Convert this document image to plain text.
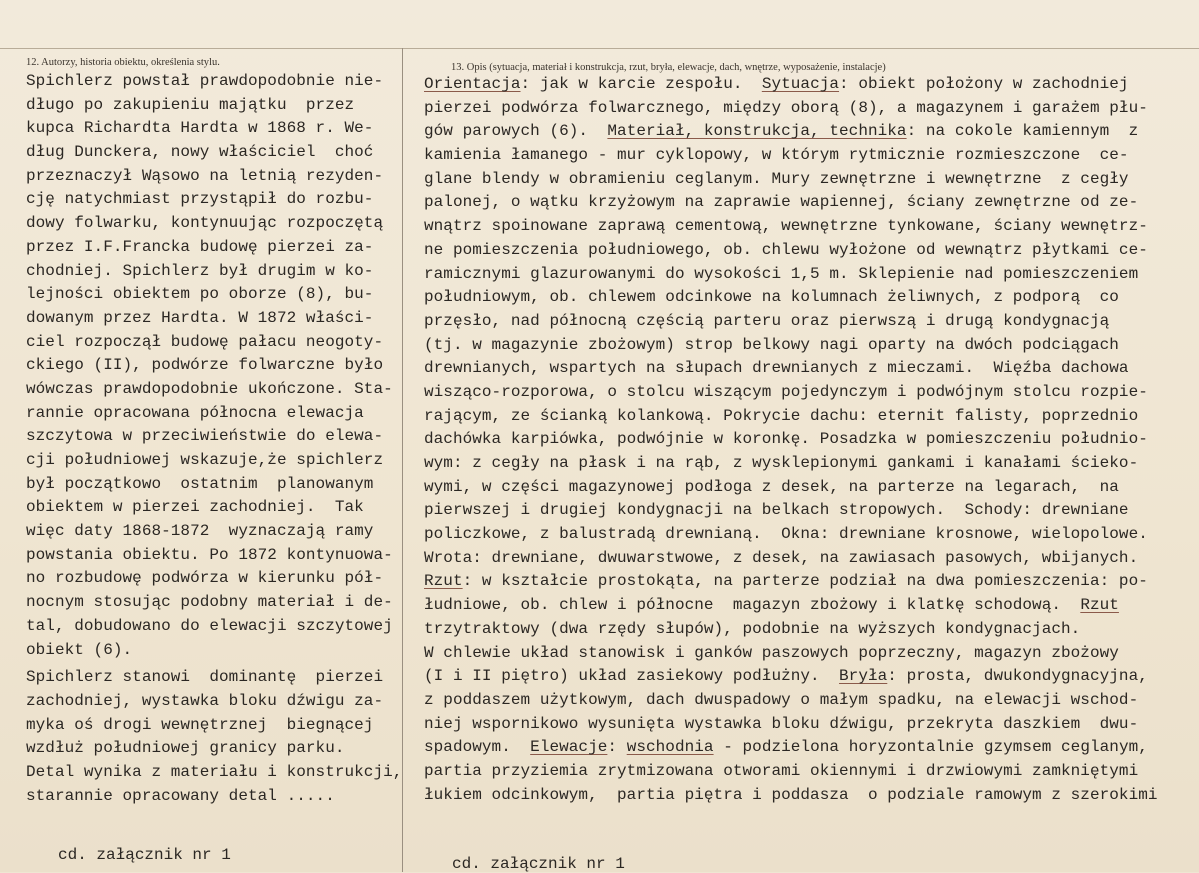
12. Autorzy, historia obiektu, określenia stylu.	13. Opis (sytuacja, materiał i konstrukcja, rzut, bryła, elewacje, dach, wnętrze, wyposażenie, instalacje)
Spichlerz powstał prawdopodobnie nie-
długo po zakupieniu majątku  przez
kupca Richardta Hardta w 1868 r. We-
dług Dunckera, nowy właściciel  choć
przeznaczył Wąsowo na letnią rezyden-
cję natychmiast przystąpił do rozbu-
dowy folwarku, kontynuując rozpoczętą
przez I.F.Francka budowę pierzei za-
chodniej. Spichlerz był drugim w ko-
lejności obiektem po oborze (8), bu-
dowanym przez Hardta. W 1872 właści-
ciel rozpoczął budowę pałacu neogoty-
ckiego (II), podwórze folwarczne było
wówczas prawdopodobnie ukończone. Sta-
rannie opracowana północna elewacja
szczytowa w przeciwieństwie do elewa-
cji południowej wskazuje,że spichlerz
był początkowo  ostatnim  planowanym
obiektem w pierzei zachodniej.  Tak
więc daty 1868-1872  wyznaczają ramy
powstania obiektu. Po 1872 kontynuowa-
no rozbudowę podwórza w kierunku pół-
nocnym stosując podobny materiał i de-
tal, dobudowano do elewacji szczytowej
obiekt (6).
Spichlerz stanowi  dominantę  pierzei
zachodniej, wystawka bloku dźwigu za-
myka oś drogi wewnętrznej  biegnącej
wzdłuż południowej granicy parku.
Detal wynika z materiału i konstrukcji,
starannie opracowany detal .....
Orientacja: jak w karcie zespołu.  Sytuacja: obiekt położony w zachodniej
pierzei podwórza folwarcznego, między oborą (8), a magazynem i garażem płu-
gów parowych (6).  Materiał, konstrukcja, technika: na cokole kamiennym  z
kamienia łamanego - mur cyklopowy, w którym rytmicznie rozmieszczone  ce-
glane blendy w obramieniu ceglanym. Mury zewnętrzne i wewnętrzne  z cegły
palonej, o wątku krzyżowym na zaprawie wapiennej, ściany zewnętrzne od ze-
wnątrz spoinowane zaprawą cementową, wewnętrzne tynkowane, ściany wewnętrz-
ne pomieszczenia południowego, ob. chlewu wyłożone od wewnątrz płytkami ce-
ramicznymi glazurowanymi do wysokości 1,5 m. Sklepienie nad pomieszczeniem
południowym, ob. chlewem odcinkowe na kolumnach żeliwnych, z podporą  co
przęsło, nad północną częścią parteru oraz pierwszą i drugą kondygnacją
(tj. w magazynie zbożowym) strop belkowy nagi oparty na dwóch podciągach
drewnianych, wspartych na słupach drewnianych z mieczami.  Więźba dachowa
wiszącо-rozporowa, o stolcu wiszącym pojedynczym i podwójnym stolcu rozpie-
rającym, ze ścianką kolankową. Pokrycie dachu: eternit falisty, poprzednio
dachówka karpiówka, podwójnie w koronkę. Posadzka w pomieszczeniu południo-
wym: z cegły na płask i na rąb, z wysklepionymi gankami i kanałami ścieko-
wymi, w części magazynowej podłoga z desek, na parterze na legarach,  na
pierwszej i drugiej kondygnacji na belkach stropowych.  Schody: drewniane
policzkowe, z balustradą drewnianą.  Okna: drewniane krosnowe, wielopolowe.
Wrota: drewniane, dwuwarstwowe, z desek, na zawiasach pasowych, wbijanych.
Rzut: w kształcie prostokąta, na parterze podział na dwa pomieszczenia: po-
łudniowe, ob. chlew i północne  magazyn zbożowy i klatkę schodową.  Rzut
trzytraktowy (dwa rzędy słupów), podobnie na wyższych kondygnacjach.
W chlewie układ stanowisk i ganków paszowych poprzeczny, magazyn zbożowy
(I i II piętro) układ zasiekowy podłużny.  Bryła: prosta, dwukondygnacyjna,
z poddaszem użytkowym, dach dwuspadowy o małym spadku, na elewacji wschod-
niej wspornikowo wysunięta wystawka bloku dźwigu, przekryta daszkiem  dwu-
spadowym.  Elewacje: wschodnia - podzielona horyzontalnie gzymsem ceglanym,
partia przyziemia zrytmizowana otworami okiennymi i drzwiowymi zamkniętymi
łukiem odcinkowym,  partia piętra i poddasza  o podziale ramowym z szerokimi
cd. załącznik nr 1	cd. załącznik nr 1
